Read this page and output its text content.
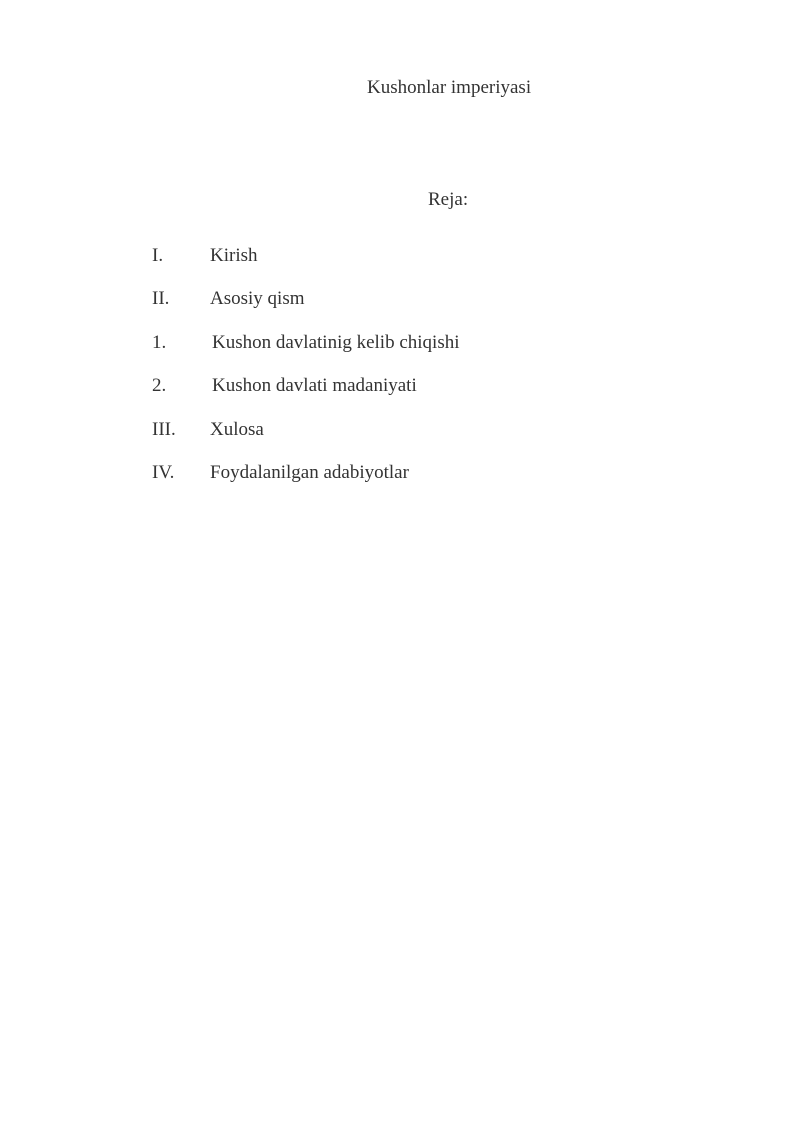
Kushonlar imperiyasi
Reja:
I. Kirish
II. Asosiy qism
1. Kushon davlatinig kelib chiqishi
2. Kushon davlati madaniyati
III. Xulosa
IV. Foydalanilgan adabiyotlar
